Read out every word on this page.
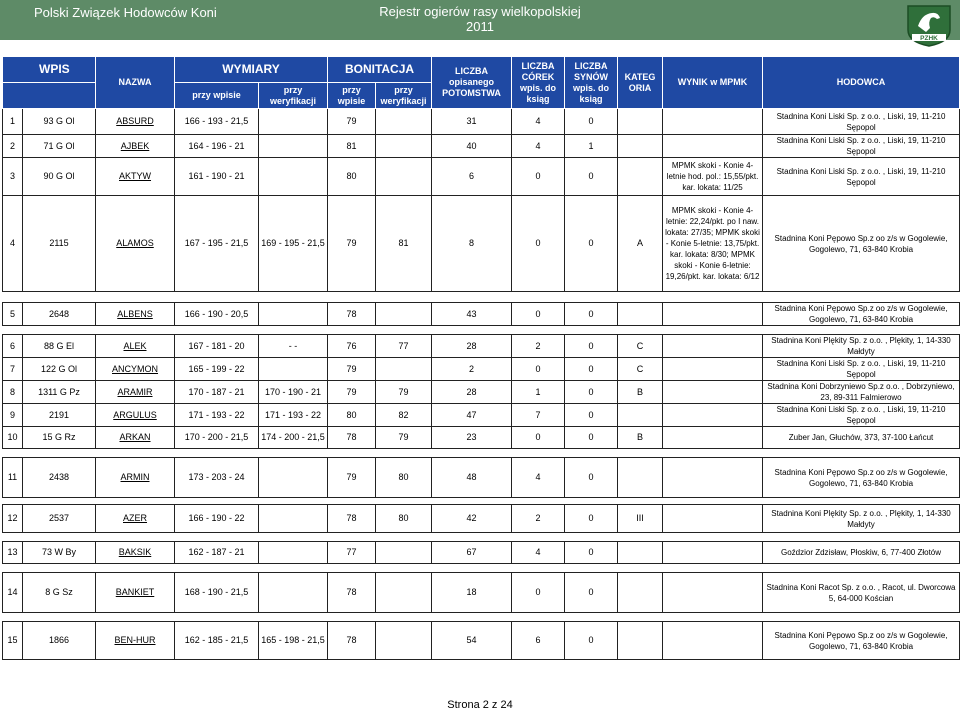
Polski Związek Hodowców Koni	Rejestr ogierów rasy wielkopolskiej
2011
PZHK
WPIS		NAZWA	WYMIARY		BONITACJA		LICZBA opisanego POTOMSTWA	LICZBA CÓREK wpis. do ksiąg	LICZBA SYNÓW wpis. do ksiąg	KATEG ORIA	WYNIK w MPMK	HODOWCA
			przy wpisie	przy weryfikacji	przy wpisie	przy weryfikacji						
1	93 G Ol	ABSURD	166 - 193 - 21,5		79		31	4	0			Stadnina Koni Liski Sp. z o.o. , Liski, 19, 11-210 Sępopol
2	71 G Ol	AJBEK	164 - 196 - 21		81		40	4	1			Stadnina Koni Liski Sp. z o.o. , Liski, 19, 11-210 Sępopol
3	90 G Ol	AKTYW	161 - 190 - 21		80		6	0	0		MPMK skoki - Konie 4-letnie hod. pol.: 15,55/pkt. kar. lokata: 11/25	Stadnina Koni Liski Sp. z o.o. , Liski, 19, 11-210 Sępopol
4	2115	ALAMOS	167 - 195 - 21,5	169 - 195 - 21,5	79	81	8	0	0	A	MPMK skoki - Konie 4-letnie: 22,24/pkt. po I naw. lokata: 27/35; MPMK skoki - Konie 5-letnie: 13,75/pkt. kar. lokata: 8/30; MPMK skoki - Konie 6-letnie: 19,26/pkt. kar. lokata: 6/12	Stadnina Koni Pępowo Sp.z oo z/s w Gogolewie, Gogolewo, 71, 63-840 Krobia

5	2648	ALBENS	166 - 190 - 20,5		78		43	0	0			Stadnina Koni Pępowo Sp.z oo z/s w Gogolewie, Gogolewo, 71, 63-840 Krobia

6	88 G El	ALEK	167 - 181 - 20	- -	76	77	28	2	0	C		Stadnina Koni Plękity Sp. z o.o. , Plękity, 1, 14-330 Małdyty
7	122 G Ol	ANCYMON	165 - 199 - 22		79		2	0	0	C		Stadnina Koni Liski Sp. z o.o. , Liski, 19, 11-210 Sępopol
8	1311 G Pz	ARAMIR	170 - 187 - 21	170 - 190 - 21	79	79	28	1	0	B		Stadnina Koni Dobrzyniewo Sp.z o.o. , Dobrzyniewo, 23, 89-311 Falmierowo
9	2191	ARGULUS	171 - 193 - 22	171 - 193 - 22	80	82	47	7	0			Stadnina Koni Liski Sp. z o.o. , Liski, 19, 11-210 Sępopol
10	15 G Rz	ARKAN	170 - 200 - 21,5	174 - 200 - 21,5	78	79	23	0	0	B		Zuber Jan, Głuchów, 373, 37-100 Łańcut

11	2438	ARMIN	173 - 203 - 24		79	80	48	4	0			Stadnina Koni Pępowo Sp.z oo z/s w Gogolewie, Gogolewo, 71, 63-840 Krobia

12	2537	AZER	166 - 190 - 22		78	80	42	2	0	III		Stadnina Koni Plękity Sp. z o.o. , Plękity, 1, 14-330 Małdyty

13	73 W By	BAKSIK	162 - 187 - 21		77		67	4	0			Goździor Zdzisław, Płoskiw, 6, 77-400 Złotów

14	8 G Sz	BANKIET	168 - 190 - 21,5		78		18	0	0			Stadnina Koni Racot Sp. z o.o. , Racot, ul. Dworcowa 5, 64-000 Kościan

15	1866	BEN-HUR	162 - 185 - 21,5	165 - 198 - 21,5	78		54	6	0			Stadnina Koni Pępowo Sp.z oo z/s w Gogolewie, Gogolewo, 71, 63-840 Krobia
Strona 2 z 24
